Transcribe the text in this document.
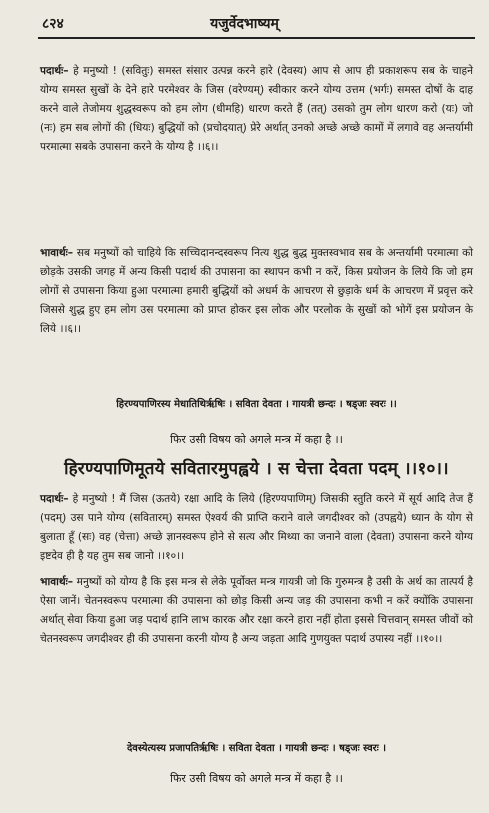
८२४	यजुर्वेदभाष्यम्
पदार्थः– हे मनुष्यो ! (सवितुः) समस्त संसार उत्पन्न करने हारे (देवस्य) आप से आप ही प्रकाशरूप सब के चाहने योग्य समस्त सुखों के देने हारे परमेश्वर के जिस (वरेण्यम्) स्वीकार करने योग्य उत्तम (भर्गः) समस्त दोषों के दाह करने वाले तेजोमय शुद्धस्वरूप को हम लोग (धीमहि) धारण करते हैं (तत्) उसको तुम लोग धारण करो (यः) जो (नः) हम सब लोगों की (धियः) बुद्धियों को (प्रचोदयात्) प्रेरे अर्थात् उनको अच्छे अच्छे कामों में लगावे वह अन्तर्यामी परमात्मा सबके उपासना करने के योग्य है ।।६।।
भावार्थः– सब मनुष्यों को चाहिये कि सच्चिदानन्दस्वरूप नित्य शुद्ध बुद्ध मुक्तस्वभाव सब के अन्तर्यामी परमात्मा को छोड़के उसकी जगह में अन्य किसी पदार्थ की उपासना का स्थापन कभी न करें, किस प्रयोजन के लिये कि जो हम लोगों से उपासना किया हुआ परमात्मा हमारी बुद्धियों को अधर्म के आचरण से छुड़ाके धर्म के आचरण में प्रवृत्त करे जिससे शुद्ध हुए हम लोग उस परमात्मा को प्राप्त होकर इस लोक और परलोक के सुखों को भोगें इस प्रयोजन के लिये ।।६।।
हिरण्यपाणिरस्य मेधातिथिर्ऋषिः । सविता देवता । गायत्री छन्दः । षड्जः स्वरः ।।
फिर उसी विषय को अगले मन्त्र में कहा है ।।
हिरण्यपाणिमूतये सवितारमुपह्वये । स चेत्ता देवता पदम् ।।१०।।
पदार्थः– हे मनुष्यो ! मैं जिस (ऊतये) रक्षा आदि के लिये (हिरण्यपाणिम्) जिसकी स्तुति करने में सूर्य आदि तेज हैं (पदम्) उस पाने योग्य (सवितारम्) समस्त ऐश्वर्य की प्राप्ति कराने वाले जगदीश्वर को (उपह्वये) ध्यान के योग से बुलाता हूँ (सः) वह (चेत्ता) अच्छे ज्ञानस्वरूप होने से सत्य और मिथ्या का जनाने वाला (देवता) उपासना करने योग्य इष्टदेव ही है यह तुम सब जानो ।।१०।।
भावार्थः– मनुष्यों को योग्य है कि इस मन्त्र से लेके पूर्वोक्त मन्त्र गायत्री जो कि गुरुमन्त्र है उसी के अर्थ का तात्पर्य है ऐसा जानें। चेतनस्वरूप परमात्मा की उपासना को छोड़ किसी अन्य जड़ की उपासना कभी न करें क्योंकि उपासना अर्थात् सेवा किया हुआ जड़ पदार्थ हानि लाभ कारक और रक्षा करने हारा नहीं होता इससे चित्तवान् समस्त जीवों को चेतनस्वरूप जगदीश्वर ही की उपासना करनी योग्य है अन्य जड़ता आदि गुणयुक्त पदार्थ उपास्य नहीं ।।१०।।
देवस्येत्यस्य प्रजापतिर्ऋषिः । सविता देवता । गायत्री छन्दः । षड्जः स्वरः ।
फिर उसी विषय को अगले मन्त्र में कहा है ।।
